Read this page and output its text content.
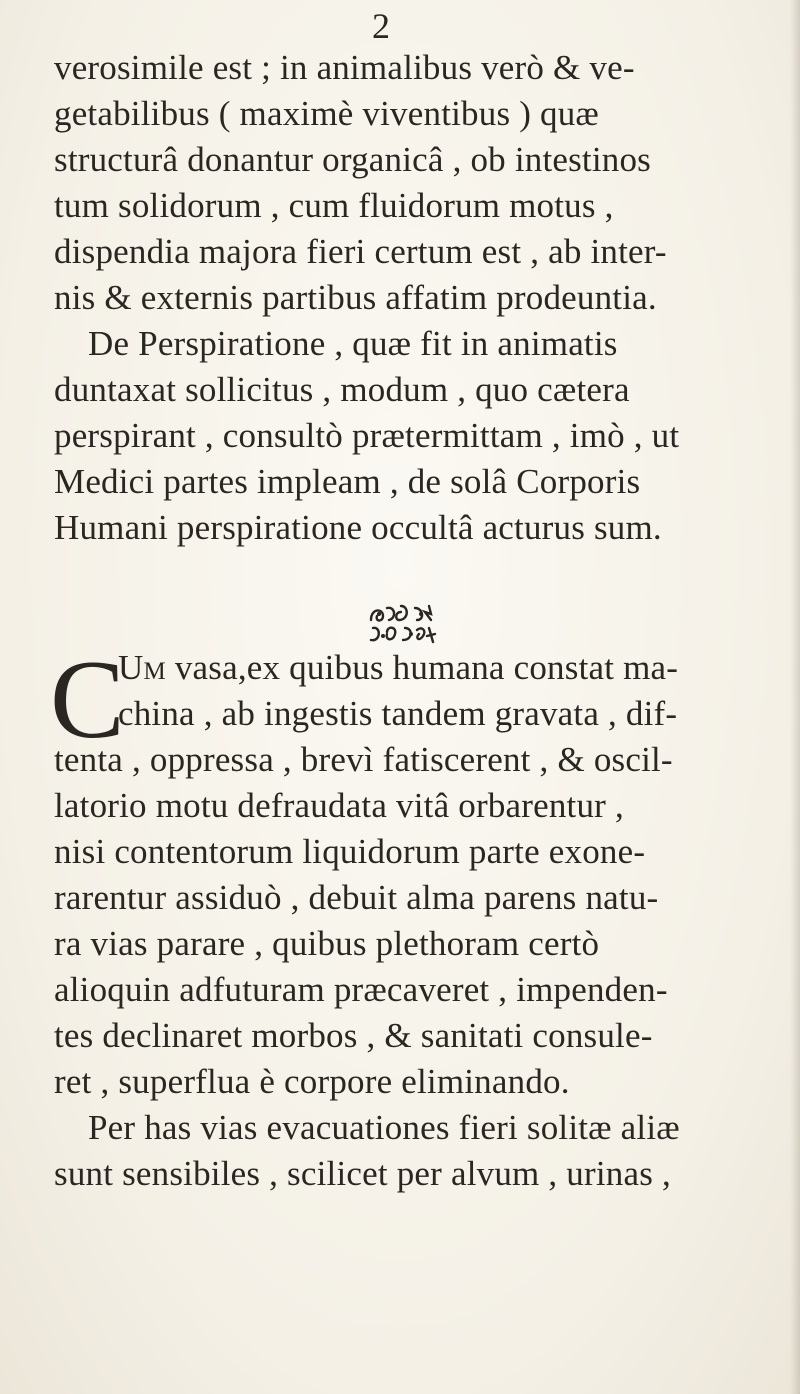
2
verosimile est ; in animalibus verò & ve-
getabilibus ( maximè viventibus ) quæ
structurâ donantur organicâ , ob intestinos
tum solidorum , cum fluidorum motus ,
dispendia majora fieri certum est , ab inter-
nis & externis partibus affatim prodeuntia.
De Perspiratione , quæ fit in animatis
duntaxat sollicitus , modum , quo cætera
perspirant , consultò prætermittam , imò , ut
Medici partes impleam , de solâ Corporis
Humani perspiratione occultâ acturus sum.
C
Um vasa,ex quibus humana constat ma-
china , ab ingestis tandem gravata , dif-
tenta , oppressa , brevì fatiscerent , & oscil-
latorio motu defraudata vitâ orbarentur ,
nisi contentorum liquidorum parte exone-
rarentur assiduò , debuit alma parens natu-
ra vias parare , quibus plethoram certò
alioquin adfuturam præcaveret , impenden-
tes declinaret morbos , & sanitati consule-
ret , superflua è corpore eliminando.
Per has vias evacuationes fieri solitæ aliæ
sunt sensibiles , scilicet per alvum , urinas ,
